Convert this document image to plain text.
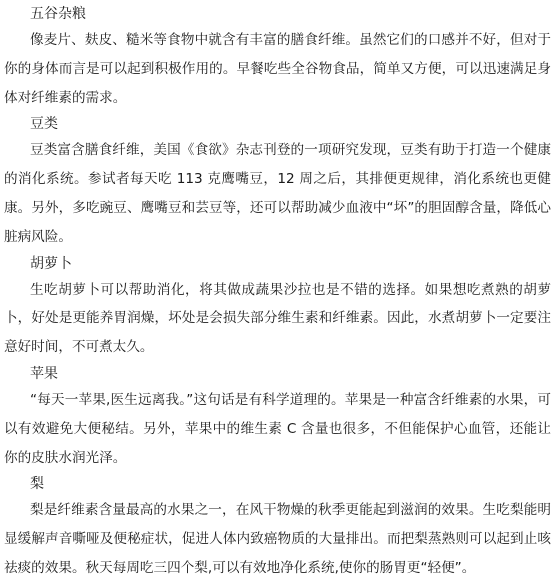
五谷杂粮

像麦片、麸皮、糙米等食物中就含有丰富的膳食纤维。虽然它们的口感并不好，但对于你的身体而言是可以起到积极作用的。早餐吃些全谷物食品，简单又方便，可以迅速满足身体对纤维素的需求。

豆类

豆类富含膳食纤维，美国《食欲》杂志刊登的一项研究发现，豆类有助于打造一个健康的消化系统。参试者每天吃 113 克鹰嘴豆，12 周之后，其排便更规律，消化系统也更健康。另外，多吃豌豆、鹰嘴豆和芸豆等，还可以帮助减少血液中“坏”的胆固醇含量，降低心脏病风险。

胡萝卜

生吃胡萝卜可以帮助消化，将其做成蔬果沙拉也是不错的选择。如果想吃煮熟的胡萝卜，好处是更能养胃润燥，坏处是会损失部分维生素和纤维素。因此，水煮胡萝卜一定要注意好时间，不可煮太久。

苹果

“每天一苹果,医生远离我。”这句话是有科学道理的。苹果是一种富含纤维素的水果，可以有效避免大便秘结。另外，苹果中的维生素 C 含量也很多，不但能保护心血管，还能让你的皮肤水润光泽。

梨

梨是纤维素含量最高的水果之一，在风干物燥的秋季更能起到滋润的效果。生吃梨能明显缓解声音嘶哑及便秘症状，促进人体内致癌物质的大量排出。而把梨蒸熟则可以起到止咳祛痰的效果。秋天每周吃三四个梨,可以有效地净化系统,使你的肠胃更“轻便”。
